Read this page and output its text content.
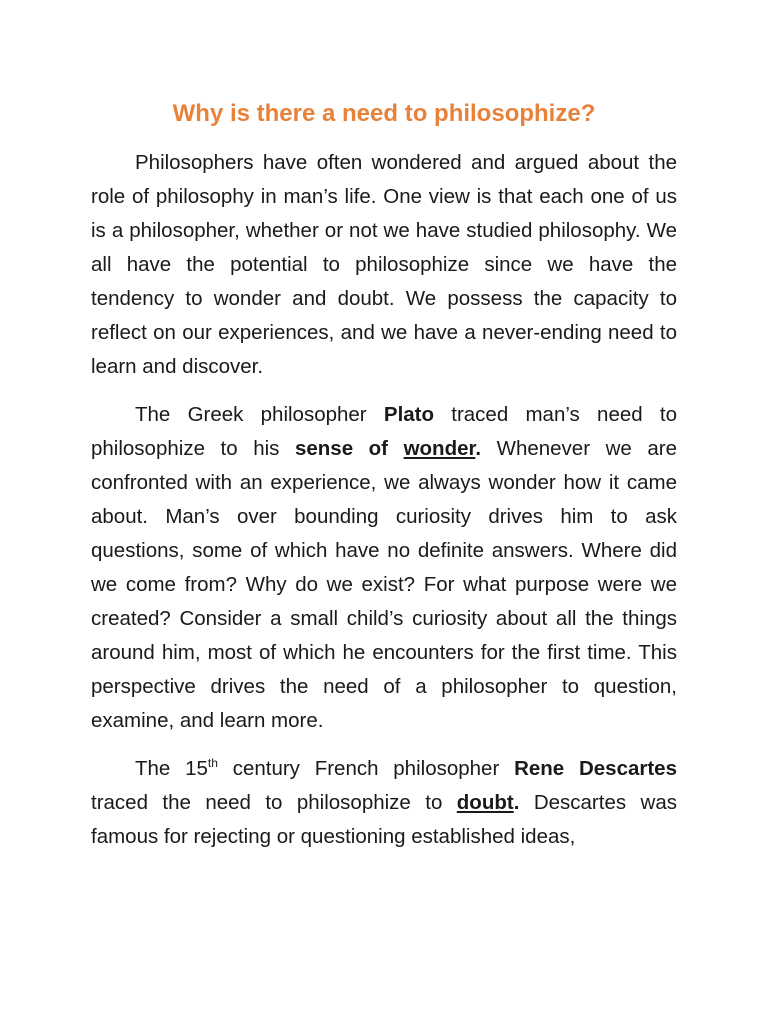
Why is there a need to philosophize?

Philosophers have often wondered and argued about the role of philosophy in man’s life. One view is that each one of us is a philosopher, whether or not we have studied philosophy. We all have the potential to philosophize since we have the tendency to wonder and doubt. We possess the capacity to reflect on our experiences, and we have a never-ending need to learn and discover.

The Greek philosopher Plato traced man’s need to philosophize to his sense of wonder. Whenever we are confronted with an experience, we always wonder how it came about. Man’s over bounding curiosity drives him to ask questions, some of which have no definite answers. Where did we come from? Why do we exist? For what purpose were we created? Consider a small child’s curiosity about all the things around him, most of which he encounters for the first time. This perspective drives the need of a philosopher to question, examine, and learn more.

The 15th century French philosopher Rene Descartes traced the need to philosophize to doubt. Descartes was famous for rejecting or questioning established ideas,
